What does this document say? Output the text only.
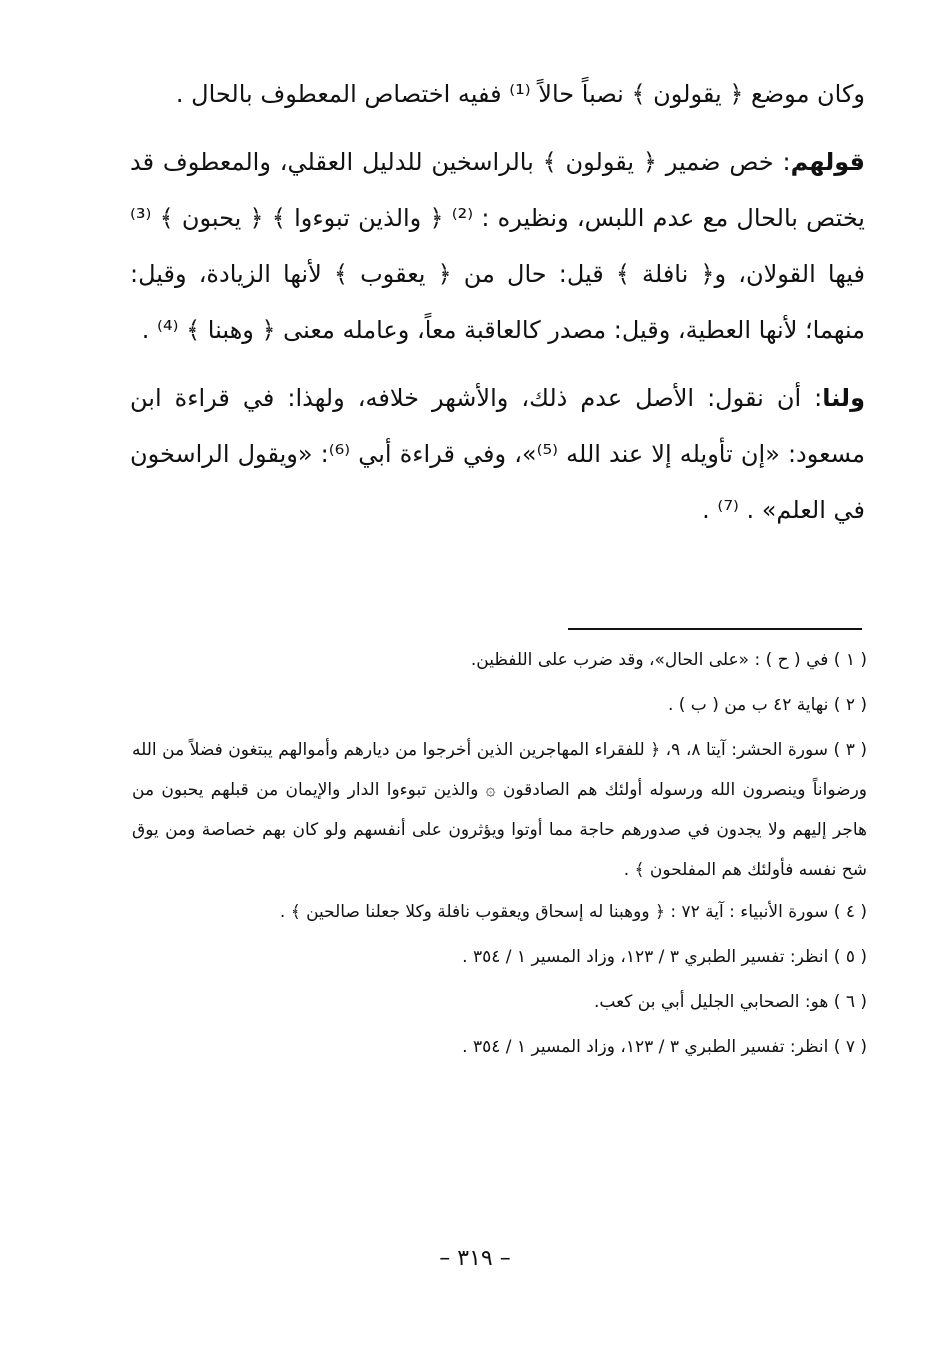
وكان موضع ﴿ يقولون ﴾ نصباً حالاً ⁽¹⁾ ففيه اختصاص المعطوف بالحال .

قولهم: خص ضمير ﴿ يقولون ﴾ بالراسخين للدليل العقلي، والمعطوف قد يختص بالحال مع عدم اللبس، ونظيره : ⁽²⁾ ﴿ والذين تبوءوا ﴾ ﴿ يحبون ﴾ ⁽³⁾ فيها القولان، و﴿ نافلة ﴾ قيل: حال من ﴿ يعقوب ﴾ لأنها الزيادة، وقيل: منهما؛ لأنها العطية، وقيل: مصدر كالعاقبة معاً، وعامله معنى ﴿ وهبنا ﴾ ⁽⁴⁾ .

ولنا: أن نقول: الأصل عدم ذلك، والأشهر خلافه، ولهذا: في قراءة ابن مسعود: «إن تأويله إلا عند الله ⁽⁵⁾»، وفي قراءة أبي ⁽⁶⁾: «ويقول الراسخون في العلم» . ⁽⁷⁾ .

( ١ ) في ( ح ) : «على الحال»، وقد ضرب على اللفظين.

( ٢ ) نهاية ٤٢ ب من ( ب ) .

( ٣ ) سورة الحشر: آيتا ٨، ٩، ﴿ للفقراء المهاجرين الذين أخرجوا من ديارهم وأموالهم يبتغون فضلاً من الله ورضواناً وينصرون الله ورسوله أولئك هم الصادقون ۞ والذين تبوءوا الدار والإيمان من قبلهم يحبون من هاجر إليهم ولا يجدون في صدورهم حاجة مما أوتوا ويؤثرون على أنفسهم ولو كان بهم خصاصة ومن يوق شح نفسه فأولئك هم المفلحون ﴾ .

( ٤ ) سورة الأنبياء : آية ٧٢ : ﴿ ووهبنا له إسحاق ويعقوب نافلة وكلا جعلنا صالحين ﴾ .

( ٥ ) انظر: تفسير الطبري ٣ / ١٢٣، وزاد المسير ١ / ٣٥٤ .

( ٦ ) هو: الصحابي الجليل أبي بن كعب.

( ٧ ) انظر: تفسير الطبري ٣ / ١٢٣، وزاد المسير ١ / ٣٥٤ .

– ٣١٩ –
